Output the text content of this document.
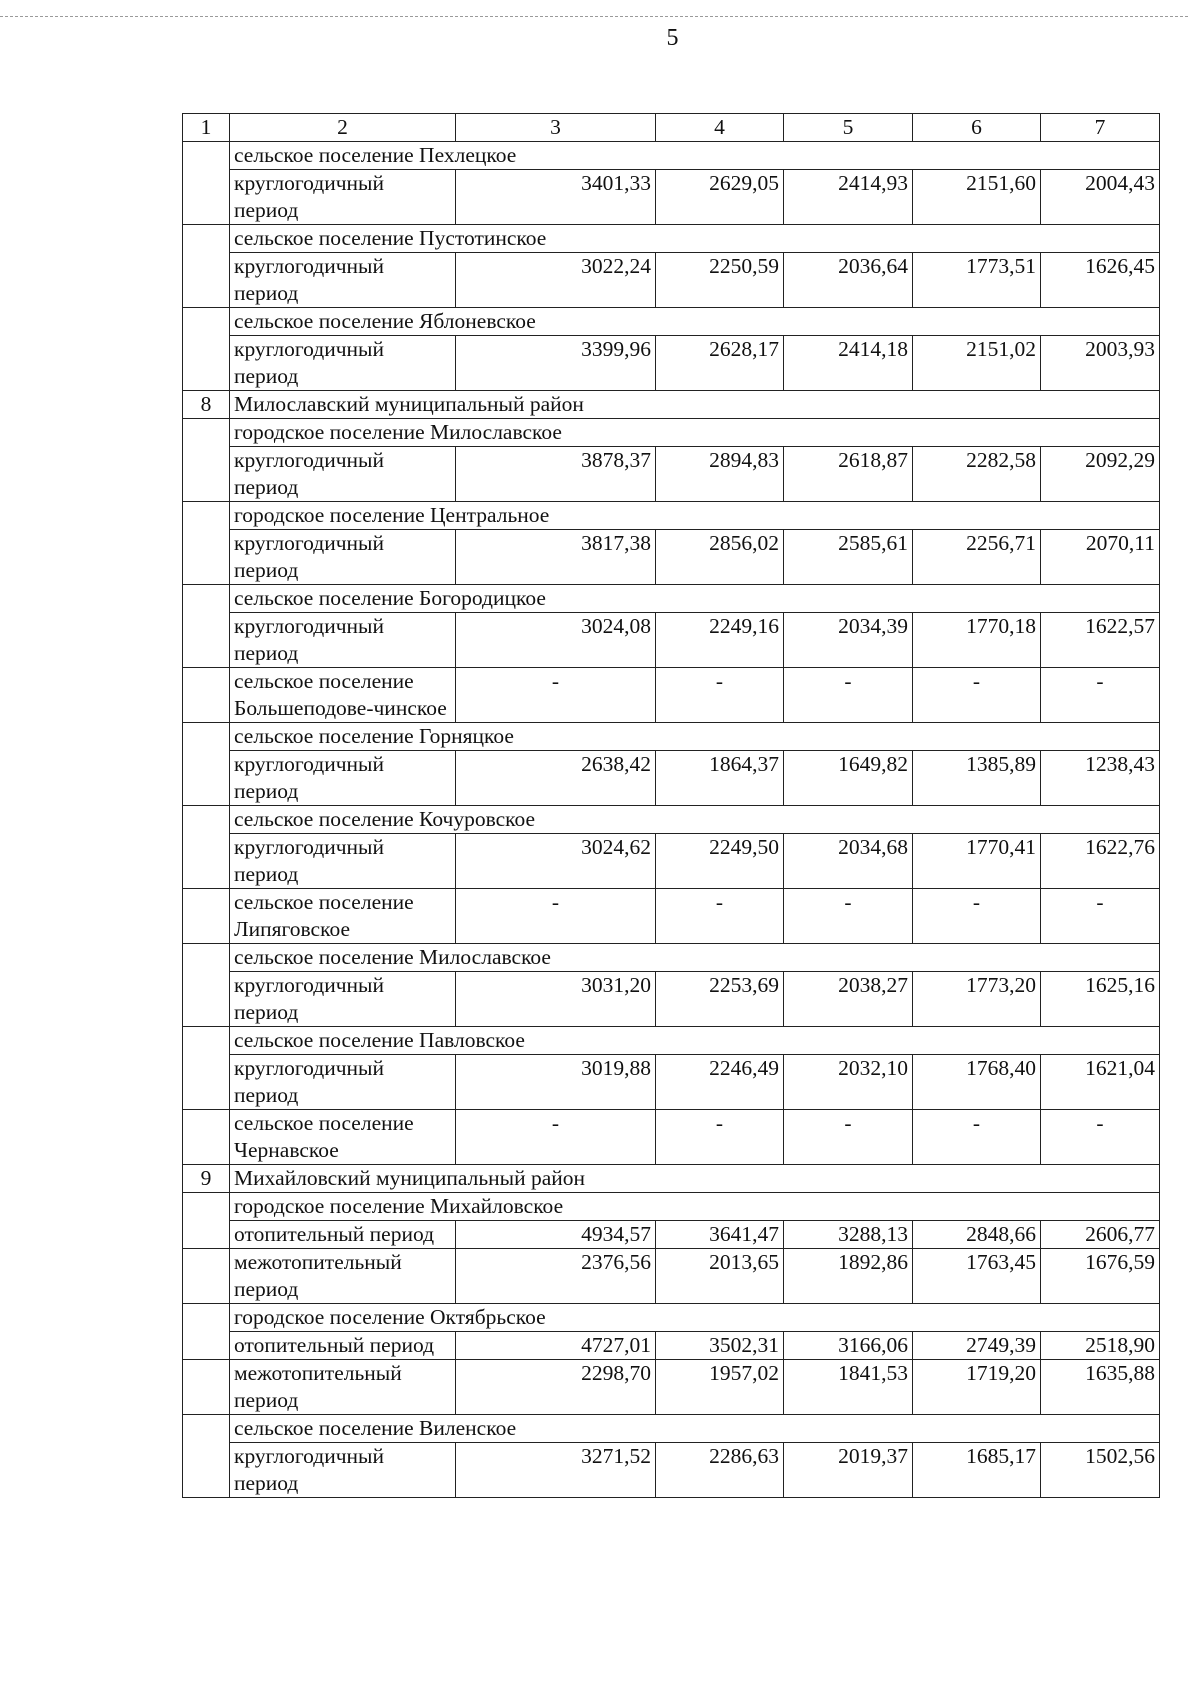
5
1	2	3	4	5	6	7
	сельское поселение Пехлецкое					
	круглогодичный период	3401,33	2629,05	2414,93	2151,60	2004,43
	сельское поселение Пустотинское					
	круглогодичный период	3022,24	2250,59	2036,64	1773,51	1626,45
	сельское поселение Яблоневское					
	круглогодичный период	3399,96	2628,17	2414,18	2151,02	2003,93
8	Милославский муниципальный район					
	городское поселение Милославское					
	круглогодичный период	3878,37	2894,83	2618,87	2282,58	2092,29
	городское поселение Центральное					
	круглогодичный период	3817,38	2856,02	2585,61	2256,71	2070,11
	сельское поселение Богородицкое					
	круглогодичный период	3024,08	2249,16	2034,39	1770,18	1622,57
	сельское поселение Большеподове-чинское	-	-	-	-	-
	сельское поселение Горняцкое					
	круглогодичный период	2638,42	1864,37	1649,82	1385,89	1238,43
	сельское поселение Кочуровское					
	круглогодичный период	3024,62	2249,50	2034,68	1770,41	1622,76
	сельское поселение Липяговское	-	-	-	-	-
	сельское поселение Милославское					
	круглогодичный период	3031,20	2253,69	2038,27	1773,20	1625,16
	сельское поселение Павловское					
	круглогодичный период	3019,88	2246,49	2032,10	1768,40	1621,04
	сельское поселение Чернавское	-	-	-	-	-
9	Михайловский муниципальный район					
	городское поселение Михайловское					
	отопительный период	4934,57	3641,47	3288,13	2848,66	2606,77
	межотопительный период	2376,56	2013,65	1892,86	1763,45	1676,59
	городское поселение Октябрьское					
	отопительный период	4727,01	3502,31	3166,06	2749,39	2518,90
	межотопительный период	2298,70	1957,02	1841,53	1719,20	1635,88
	сельское поселение Виленское					
	круглогодичный период	3271,52	2286,63	2019,37	1685,17	1502,56
